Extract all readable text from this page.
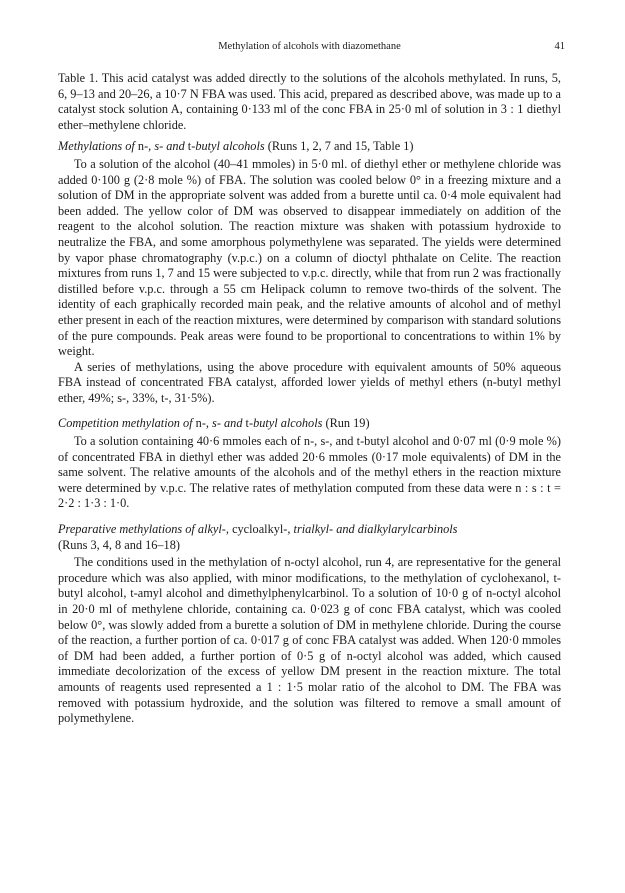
Methylation of alcohols with diazomethane	41

Table 1. This acid catalyst was added directly to the solutions of the alcohols methylated. In runs, 5, 6, 9–13 and 20–26, a 10·7 N FBA was used. This acid, prepared as described above, was made up to a catalyst stock solution A, containing 0·133 ml of the conc FBA in 25·0 ml of solution in 3 : 1 diethyl ether–methylene chloride.

Methylations of n-, s- and t-butyl alcohols (Runs 1, 2, 7 and 15, Table 1)

To a solution of the alcohol (40–41 mmoles) in 5·0 ml. of diethyl ether or methylene chloride was added 0·100 g (2·8 mole %) of FBA. The solution was cooled below 0° in a freezing mixture and a solution of DM in the appropriate solvent was added from a burette until ca. 0·4 mole equivalent had been added. The yellow color of DM was observed to disappear immediately on addition of the reagent to the alcohol solution. The reaction mixture was shaken with potassium hydroxide to neutralize the FBA, and some amorphous polymethylene was separated. The yields were determined by vapor phase chromatography (v.p.c.) on a column of dioctyl phthalate on Celite. The reaction mixtures from runs 1, 7 and 15 were subjected to v.p.c. directly, while that from run 2 was fractionally distilled before v.p.c. through a 55 cm Helipack column to remove two-thirds of the solvent. The identity of each graphically recorded main peak, and the relative amounts of alcohol and of methyl ether present in each of the reaction mixtures, were determined by comparison with standard solutions of the pure compounds. Peak areas were found to be proportional to concentrations to within 1% by weight.

A series of methylations, using the above procedure with equivalent amounts of 50% aqueous FBA instead of concentrated FBA catalyst, afforded lower yields of methyl ethers (n-butyl methyl ether, 49%; s-, 33%, t-, 31·5%).

Competition methylation of n-, s- and t-butyl alcohols (Run 19)

To a solution containing 40·6 mmoles each of n-, s-, and t-butyl alcohol and 0·07 ml (0·9 mole %) of concentrated FBA in diethyl ether was added 20·6 mmoles (0·17 mole equivalents) of DM in the same solvent. The relative amounts of the alcohols and of the methyl ethers in the reaction mixture were determined by v.p.c. The relative rates of methylation computed from these data were n : s : t = 2·2 : 1·3 : 1·0.

Preparative methylations of alkyl-, cycloalkyl-, trialkyl- and dialkylarylcarbinols
(Runs 3, 4, 8 and 16–18)

The conditions used in the methylation of n-octyl alcohol, run 4, are representative for the general procedure which was also applied, with minor modifications, to the methylation of cyclohexanol, t-butyl alcohol, t-amyl alcohol and dimethylphenylcarbinol. To a solution of 10·0 g of n-octyl alcohol in 20·0 ml of methylene chloride, containing ca. 0·023 g of conc FBA catalyst, which was cooled below 0°, was slowly added from a burette a solution of DM in methylene chloride. During the course of the reaction, a further portion of ca. 0·017 g of conc FBA catalyst was added. When 120·0 mmoles of DM had been added, a further portion of 0·5 g of n-octyl alcohol was added, which caused immediate decolorization of the excess of yellow DM present in the reaction mixture. The total amounts of reagents used represented a 1 : 1·5 molar ratio of the alcohol to DM. The FBA was removed with potassium hydroxide, and the solution was filtered to remove a small amount of polymethylene.
